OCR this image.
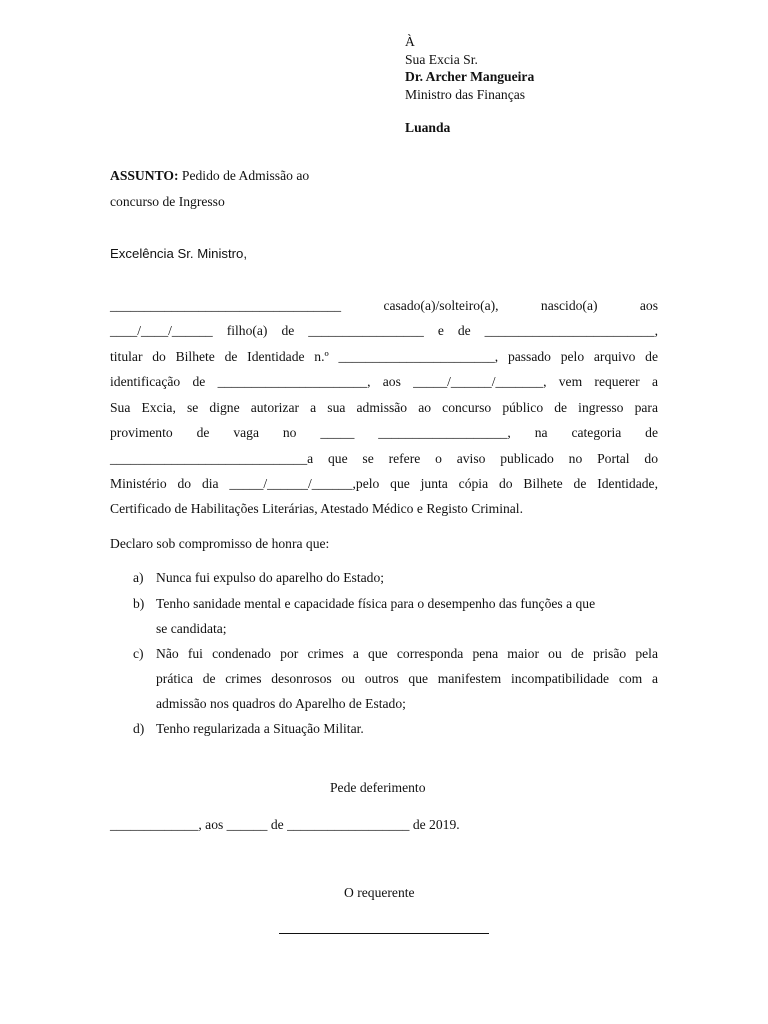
À
Sua Excia Sr.
Dr. Archer Mangueira
Ministro das Finanças
Luanda
ASSUNTO: Pedido de Admissão ao
concurso de Ingresso
Excelência Sr. Ministro,
__________________________________ casado(a)/solteiro(a), nascido(a) aos
____/____/______ filho(a) de _________________ e de _________________________,
titular do Bilhete de Identidade n.º _______________________, passado pelo arquivo de
identificação de ______________________, aos _____/______/_______, vem requerer a
Sua Excia, se digne autorizar a sua admissão ao concurso público de ingresso para
provimento de vaga no _____ ___________________, na categoria de
_____________________________a que se refere o aviso publicado no Portal do
Ministério do dia _____/______/______,pelo que junta cópia do Bilhete de Identidade,
Certificado de Habilitações Literárias, Atestado Médico e Registo Criminal.
Declaro sob compromisso de honra que:
a) Nunca fui expulso do aparelho do Estado;
b) Tenho sanidade mental e capacidade física para o desempenho das funções a que
se candidata;
c) Não fui condenado por crimes a que corresponda pena maior ou de prisão pela
prática de crimes desonrosos ou outros que manifestem incompatibilidade com a
admissão nos quadros do Aparelho de Estado;
d) Tenho regularizada a Situação Militar.
Pede deferimento
_____________, aos ______ de __________________ de 2019.
O requerente
